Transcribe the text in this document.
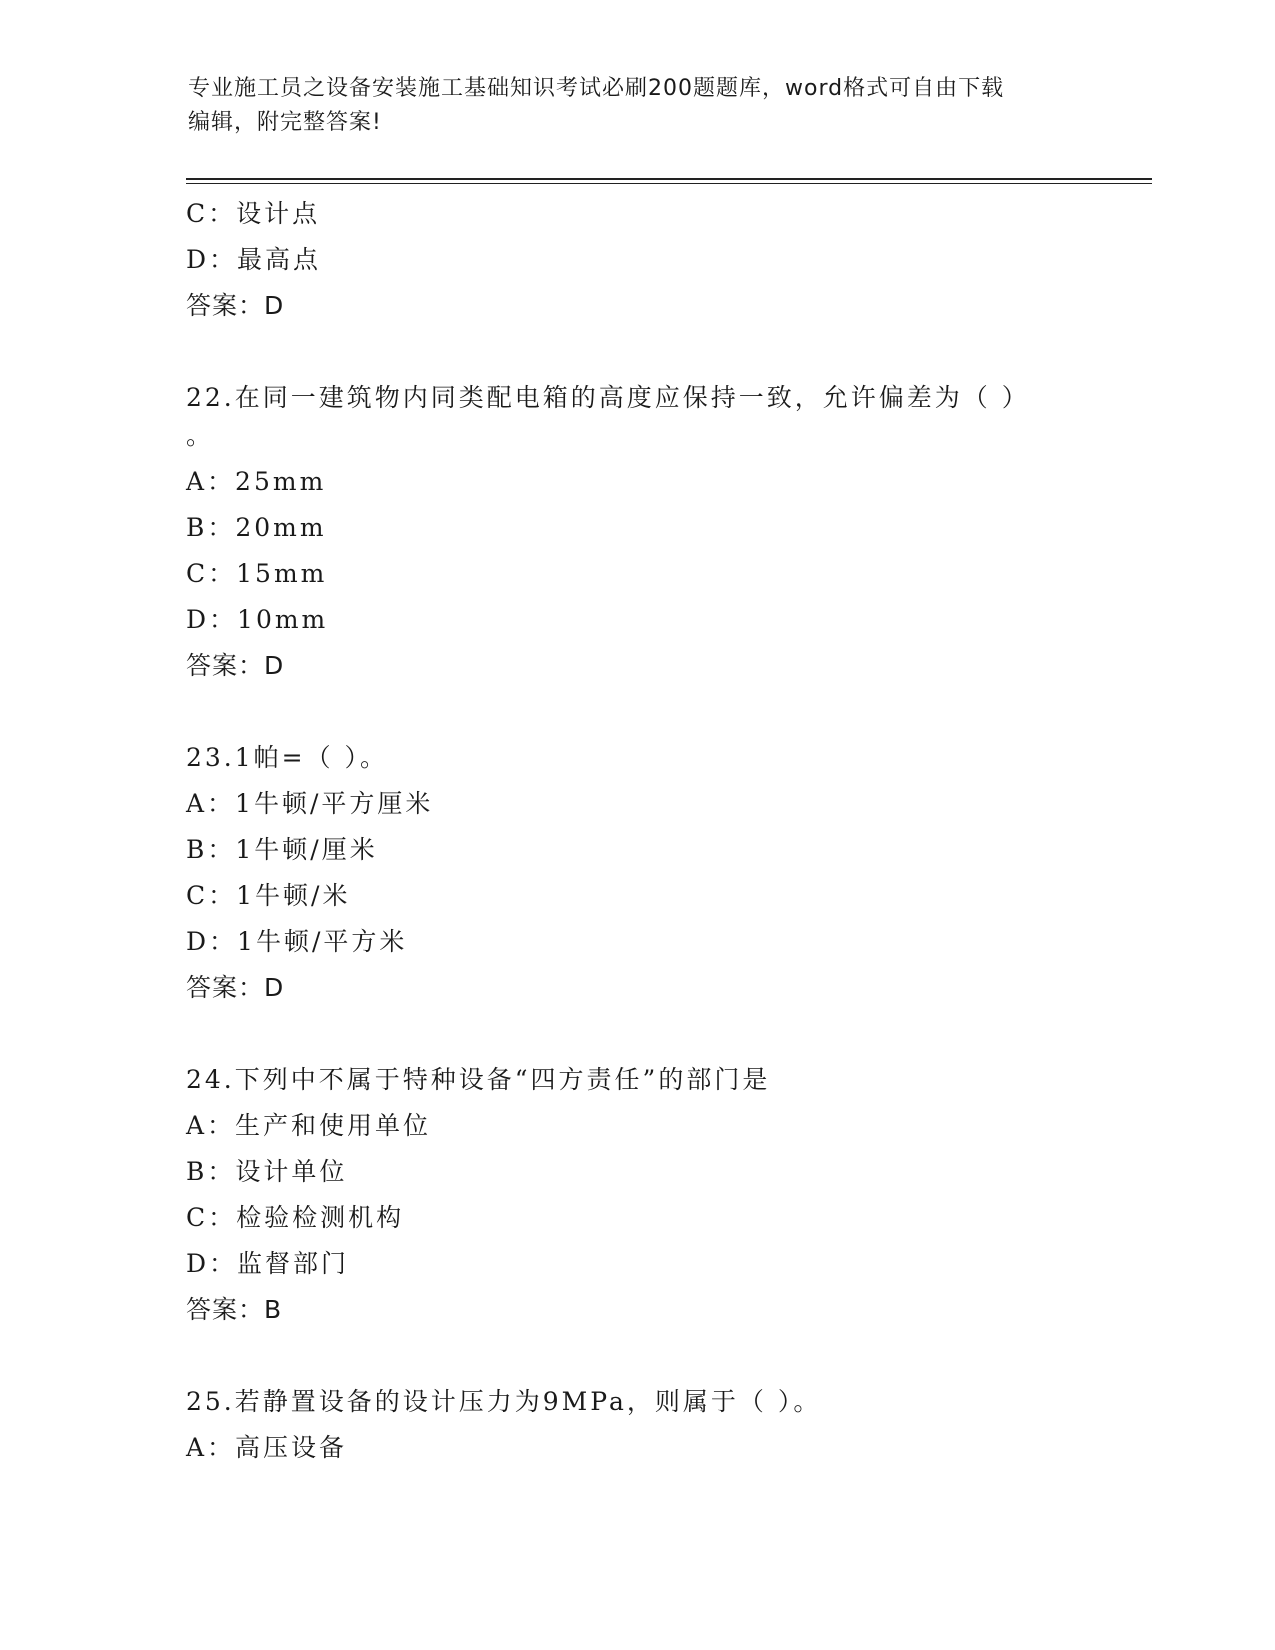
专业施工员之设备安装施工基础知识考试必刷200题题库，word格式可自由下载
编辑，附完整答案!
C：设计点
D：最高点
答案：D
22.在同一建筑物内同类配电箱的高度应保持一致，允许偏差为（ ）
。
A：25mm
B：20mm
C：15mm
D：10mm
答案：D
23.1帕=（ ）。
A：1牛顿/平方厘米
B：1牛顿/厘米
C：1牛顿/米
D：1牛顿/平方米
答案：D
24.下列中不属于特种设备“四方责任”的部门是
A：生产和使用单位
B：设计单位
C：检验检测机构
D：监督部门
答案：B
25.若静置设备的设计压力为9MPa，则属于（ ）。
A：高压设备
